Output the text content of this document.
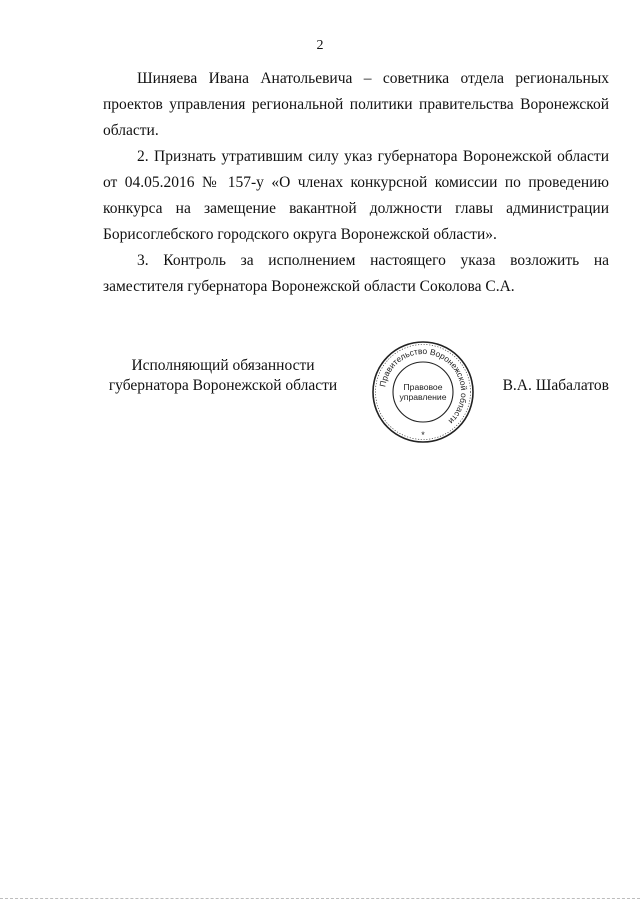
2

Шиняева Ивана Анатольевича – советника отдела региональных проектов управления региональной политики правительства Воронежской области.

2. Признать утратившим силу указ губернатора Воронежской области от 04.05.2016 № 157-у «О членах конкурсной комиссии по проведению конкурса на замещение вакантной должности главы администрации Борисоглебского городского округа Воронежской области».

3. Контроль за исполнением настоящего указа возложить на заместителя губернатора Воронежской области Соколова С.А.

Исполняющий обязанности
губернатора Воронежской области	Правительство Воронежской области
Правовое
управление
*
В.А. Шабалатов
